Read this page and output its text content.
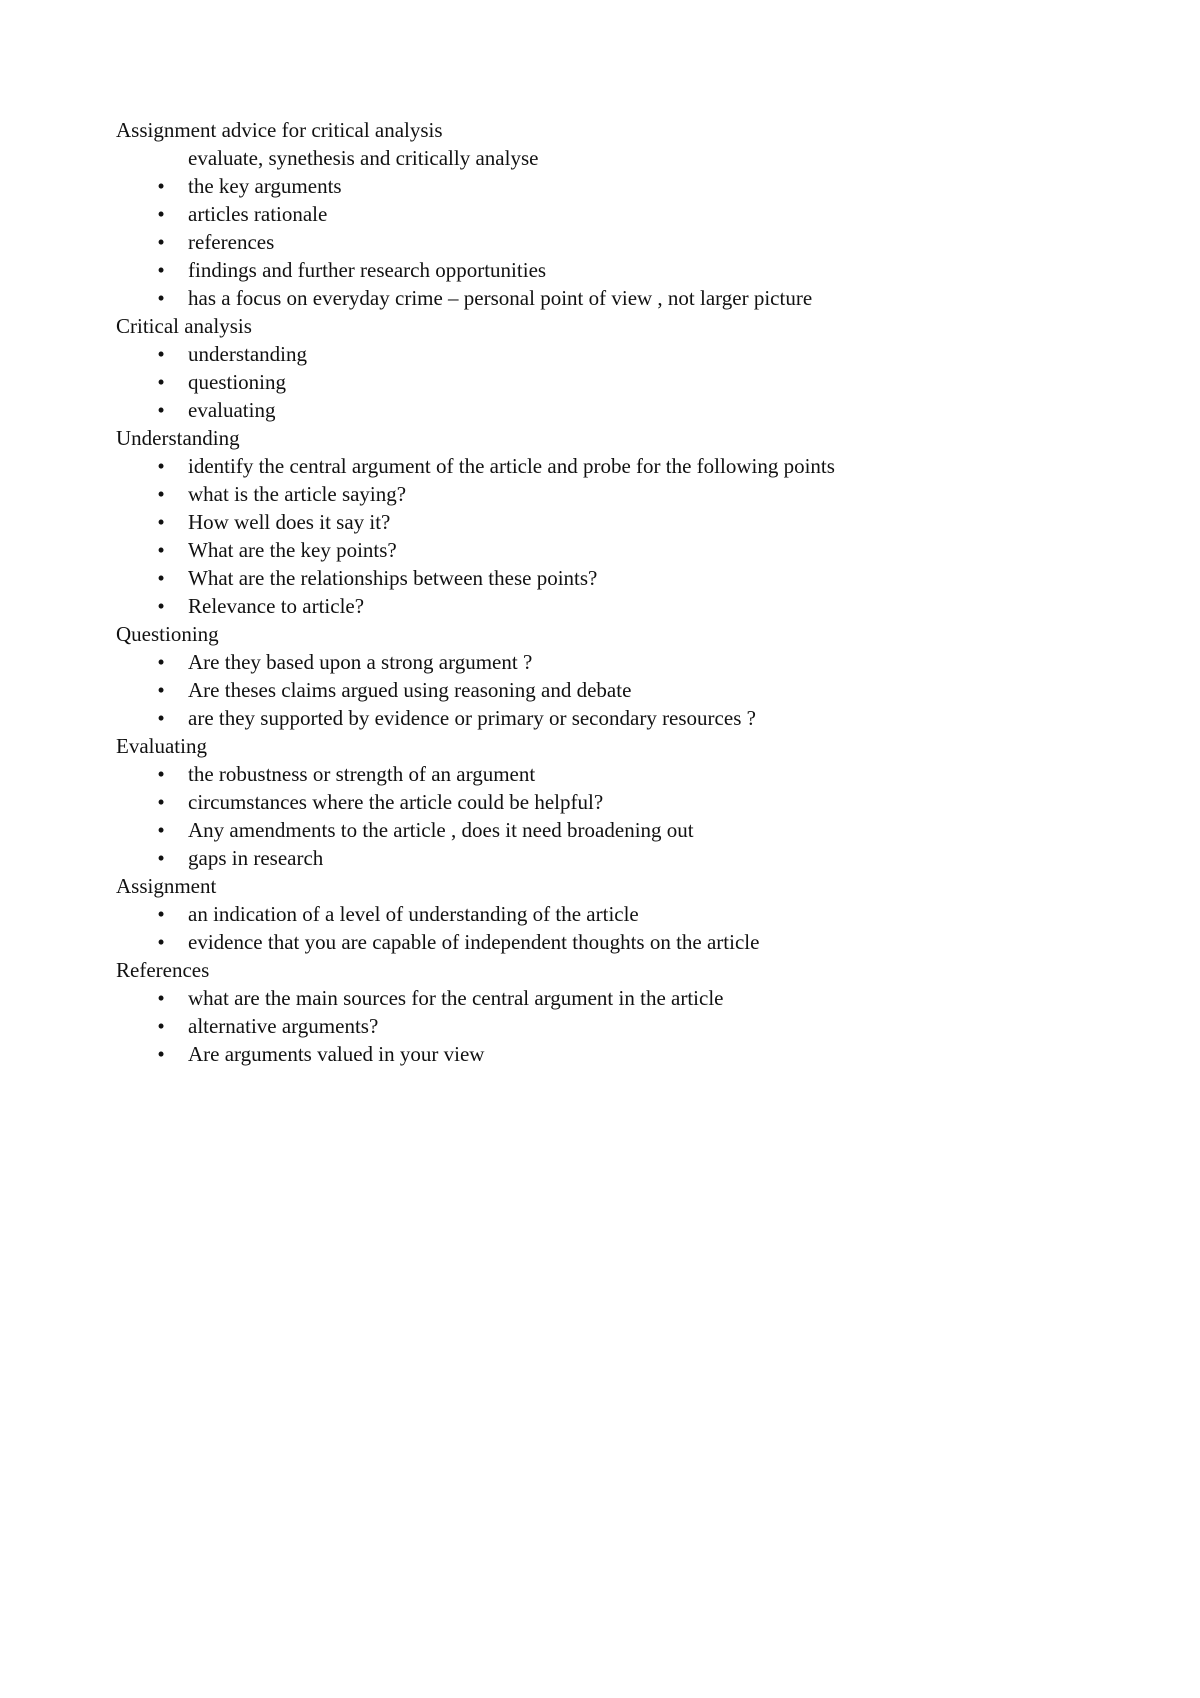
Assignment advice for critical analysis
evaluate, synethesis and critically analyse
• the key arguments
• articles rationale
• references
• findings and further research opportunities
• has a focus on everyday crime – personal point of view , not larger picture
Critical analysis
• understanding
• questioning
• evaluating
Understanding
• identify the central argument of the article and probe for the following points
• what is the article saying?
• How well does it say it?
• What are the key points?
• What are the relationships between these points?
• Relevance to article?
Questioning
• Are they based upon a strong argument ?
• Are theses claims argued using reasoning and debate
• are they supported by evidence or primary or secondary resources ?
Evaluating
• the robustness or strength of an argument
• circumstances where the article could be helpful?
• Any amendments to the article , does it need broadening out
• gaps in research
Assignment
• an indication of a level of understanding of the article
• evidence that you are capable of independent thoughts on the article
References
• what are the main sources for the central argument in the article
• alternative arguments?
• Are arguments valued in your view
